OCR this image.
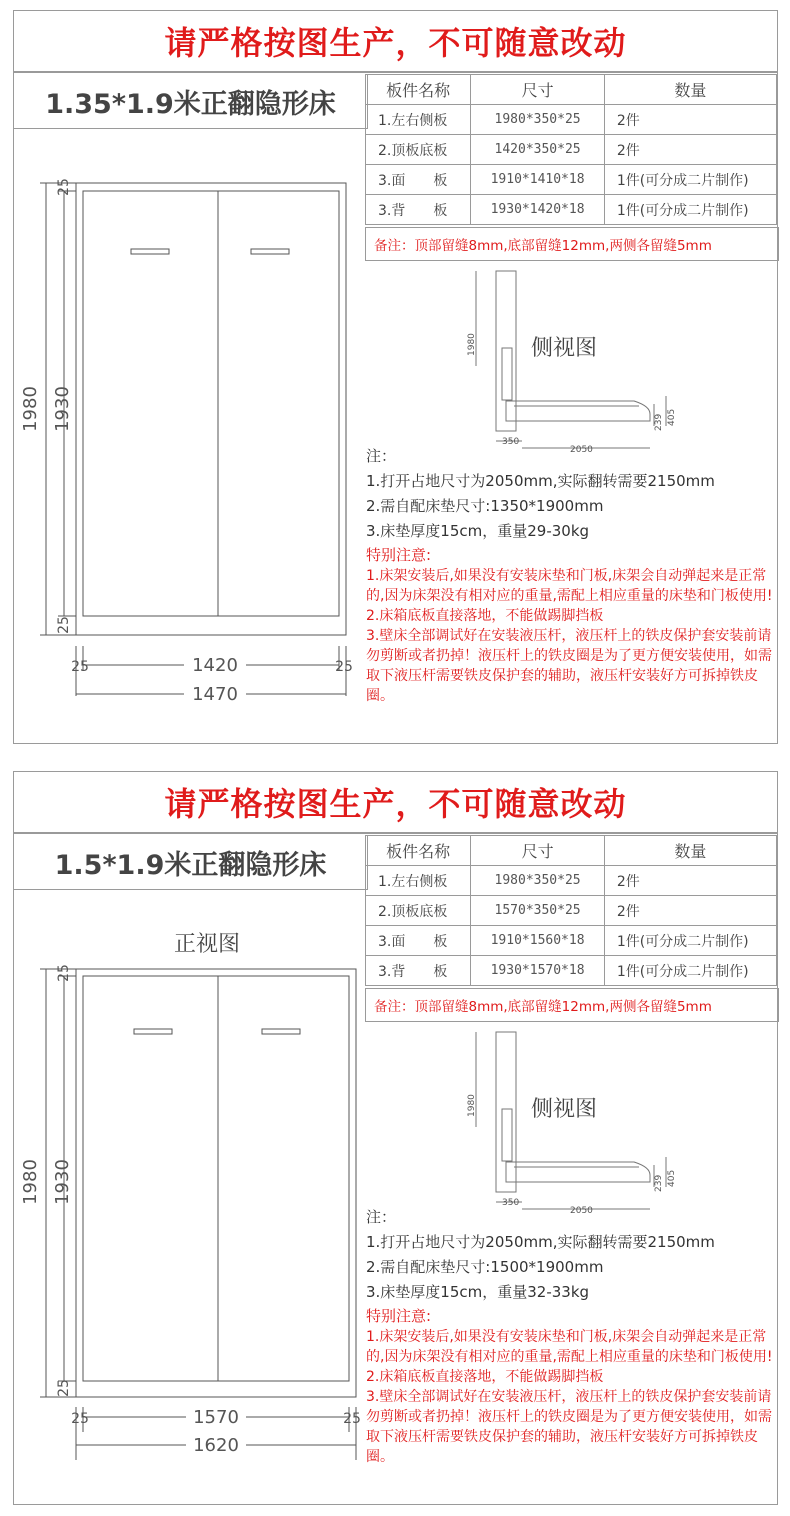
请严格按图生产，不可随意改动
1.35*1.9米正翻隐形床	板件名称	尺寸	数量
1.左右侧板	1980*350*25	2件
2.顶板底板	1420*350*25	2件
3.面　　板	1910*1410*18	1件(可分成二片制作)
3.背　　板	1930*1420*18	1件(可分成二片制作)
备注：顶部留缝8mm,底部留缝12mm,两侧各留缝5mm
1980 1930
25
25
25	25
1420
1470
1980
350
2050
239 405
侧视图
注：
1.打开占地尺寸为2050mm,实际翻转需要2150mm
2.需自配床垫尺寸:1350*1900mm
3.床垫厚度15cm，重量29-30kg
特别注意:
1.床架安装后,如果没有安装床垫和门板,床架会自动弹起来是正常的,因为床架没有相对应的重量,需配上相应重量的床垫和门板使用!
2.床箱底板直接落地，不能做踢脚挡板
3.壁床全部调试好在安装液压杆，液压杆上的铁皮保护套安装前请勿剪断或者扔掉！液压杆上的铁皮圈是为了更方便安装使用，如需取下液压杆需要铁皮保护套的辅助，液压杆安装好方可拆掉铁皮圈。
请严格按图生产，不可随意改动
1.5*1.9米正翻隐形床	板件名称	尺寸	数量
1.左右侧板	1980*350*25	2件
2.顶板底板	1570*350*25	2件
3.面　　板	1910*1560*18	1件(可分成二片制作)
3.背　　板	1930*1570*18	1件(可分成二片制作)
备注：顶部留缝8mm,底部留缝12mm,两侧各留缝5mm
正视图
1980 1930
25
25
25	25
1570
1620
1980
350
2050
239 405
侧视图
注：
1.打开占地尺寸为2050mm,实际翻转需要2150mm
2.需自配床垫尺寸:1500*1900mm
3.床垫厚度15cm，重量32-33kg
特别注意:
1.床架安装后,如果没有安装床垫和门板,床架会自动弹起来是正常的,因为床架没有相对应的重量,需配上相应重量的床垫和门板使用!
2.床箱底板直接落地，不能做踢脚挡板
3.壁床全部调试好在安装液压杆，液压杆上的铁皮保护套安装前请勿剪断或者扔掉！液压杆上的铁皮圈是为了更方便安装使用，如需取下液压杆需要铁皮保护套的辅助，液压杆安装好方可拆掉铁皮圈。
